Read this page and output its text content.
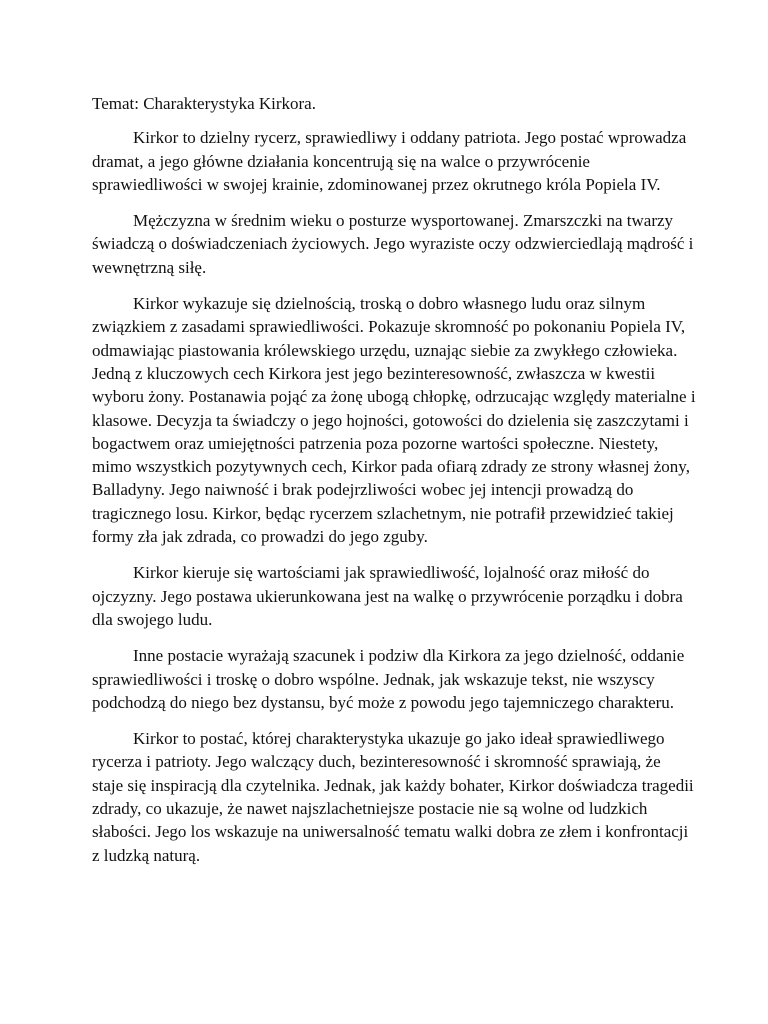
Temat: Charakterystyka Kirkora.

Kirkor to dzielny rycerz, sprawiedliwy i oddany patriota. Jego postać wprowadza dramat, a jego główne działania koncentrują się na walce o przywrócenie sprawiedliwości w swojej krainie, zdominowanej przez okrutnego króla Popiela IV.

Mężczyzna w średnim wieku o posturze wysportowanej. Zmarszczki na twarzy świadczą o doświadczeniach życiowych. Jego wyraziste oczy odzwierciedlają mądrość i wewnętrzną siłę.

Kirkor wykazuje się dzielnością, troską o dobro własnego ludu oraz silnym związkiem z zasadami sprawiedliwości. Pokazuje skromność po pokonaniu Popiela IV, odmawiając piastowania królewskiego urzędu, uznając siebie za zwykłego człowieka. Jedną z kluczowych cech Kirkora jest jego bezinteresowność, zwłaszcza w kwestii wyboru żony. Postanawia pojąć za żonę ubogą chłopkę, odrzucając względy materialne i klasowe. Decyzja ta świadczy o jego hojności, gotowości do dzielenia się zaszczytami i bogactwem oraz umiejętności patrzenia poza pozorne wartości społeczne. Niestety, mimo wszystkich pozytywnych cech, Kirkor pada ofiarą zdrady ze strony własnej żony, Balladyny. Jego naiwność i brak podejrzliwości wobec jej intencji prowadzą do tragicznego losu. Kirkor, będąc rycerzem szlachetnym, nie potrafił przewidzieć takiej formy zła jak zdrada, co prowadzi do jego zguby.

Kirkor kieruje się wartościami jak sprawiedliwość, lojalność oraz miłość do ojczyzny. Jego postawa ukierunkowana jest na walkę o przywrócenie porządku i dobra dla swojego ludu.

Inne postacie wyrażają szacunek i podziw dla Kirkora za jego dzielność, oddanie sprawiedliwości i troskę o dobro wspólne. Jednak, jak wskazuje tekst, nie wszyscy podchodzą do niego bez dystansu, być może z powodu jego tajemniczego charakteru.

Kirkor to postać, której charakterystyka ukazuje go jako ideał sprawiedliwego rycerza i patrioty. Jego walczący duch, bezinteresowność i skromność sprawiają, że staje się inspiracją dla czytelnika. Jednak, jak każdy bohater, Kirkor doświadcza tragedii zdrady, co ukazuje, że nawet najszlachetniejsze postacie nie są wolne od ludzkich słabości. Jego los wskazuje na uniwersalność tematu walki dobra ze złem i konfrontacji z ludzką naturą.
